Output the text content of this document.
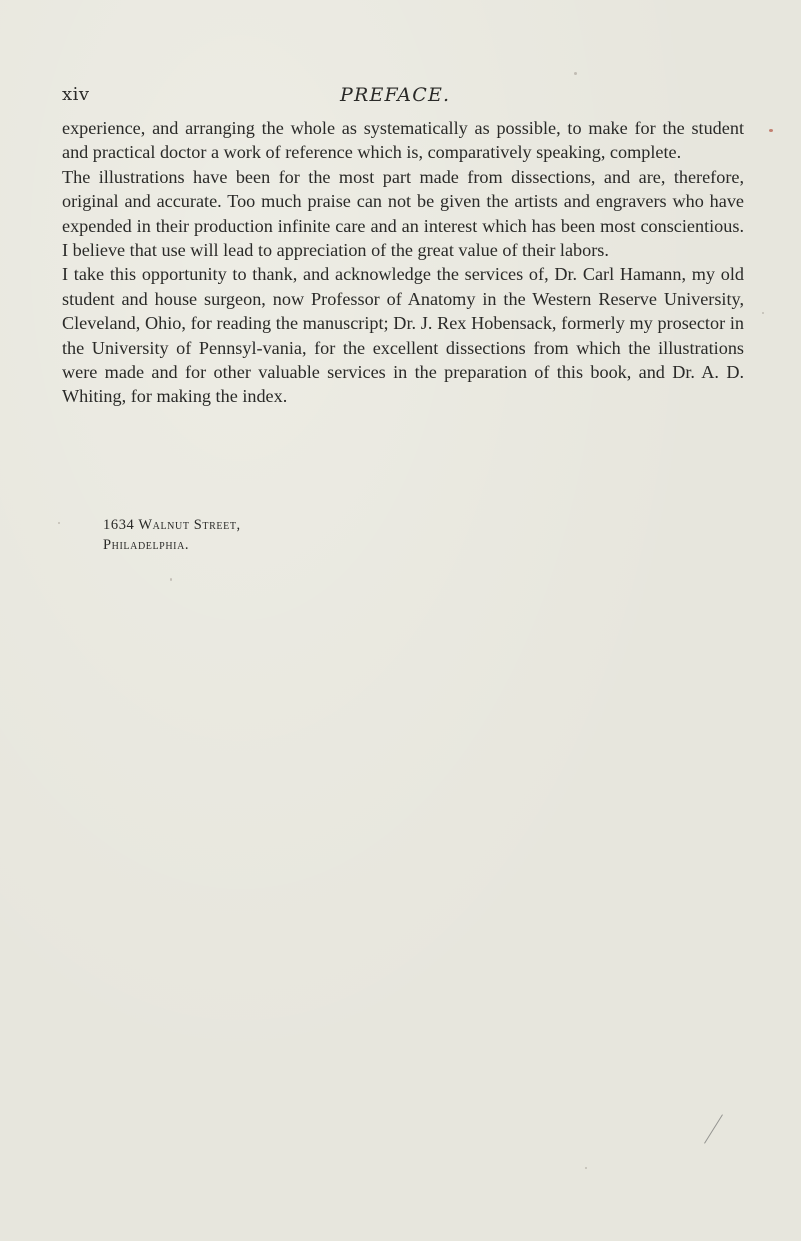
xiv	PREFACE.

experience, and arranging the whole as systematically as possible, to make for the student and practical doctor a work of reference which is, comparatively speaking, complete.

The illustrations have been for the most part made from dissections, and are, therefore, original and accurate. Too much praise can not be given the artists and engravers who have expended in their production infinite care and an interest which has been most conscientious. I believe that use will lead to appreciation of the great value of their labors.

I take this opportunity to thank, and acknowledge the services of, Dr. Carl Hamann, my old student and house surgeon, now Professor of Anatomy in the Western Reserve University, Cleveland, Ohio, for reading the manuscript; Dr. J. Rex Hobensack, formerly my prosector in the University of Pennsyl-vania, for the excellent dissections from which the illustrations were made and for other valuable services in the preparation of this book, and Dr. A. D. Whiting, for making the index.

1634 Walnut Street,
Philadelphia.
